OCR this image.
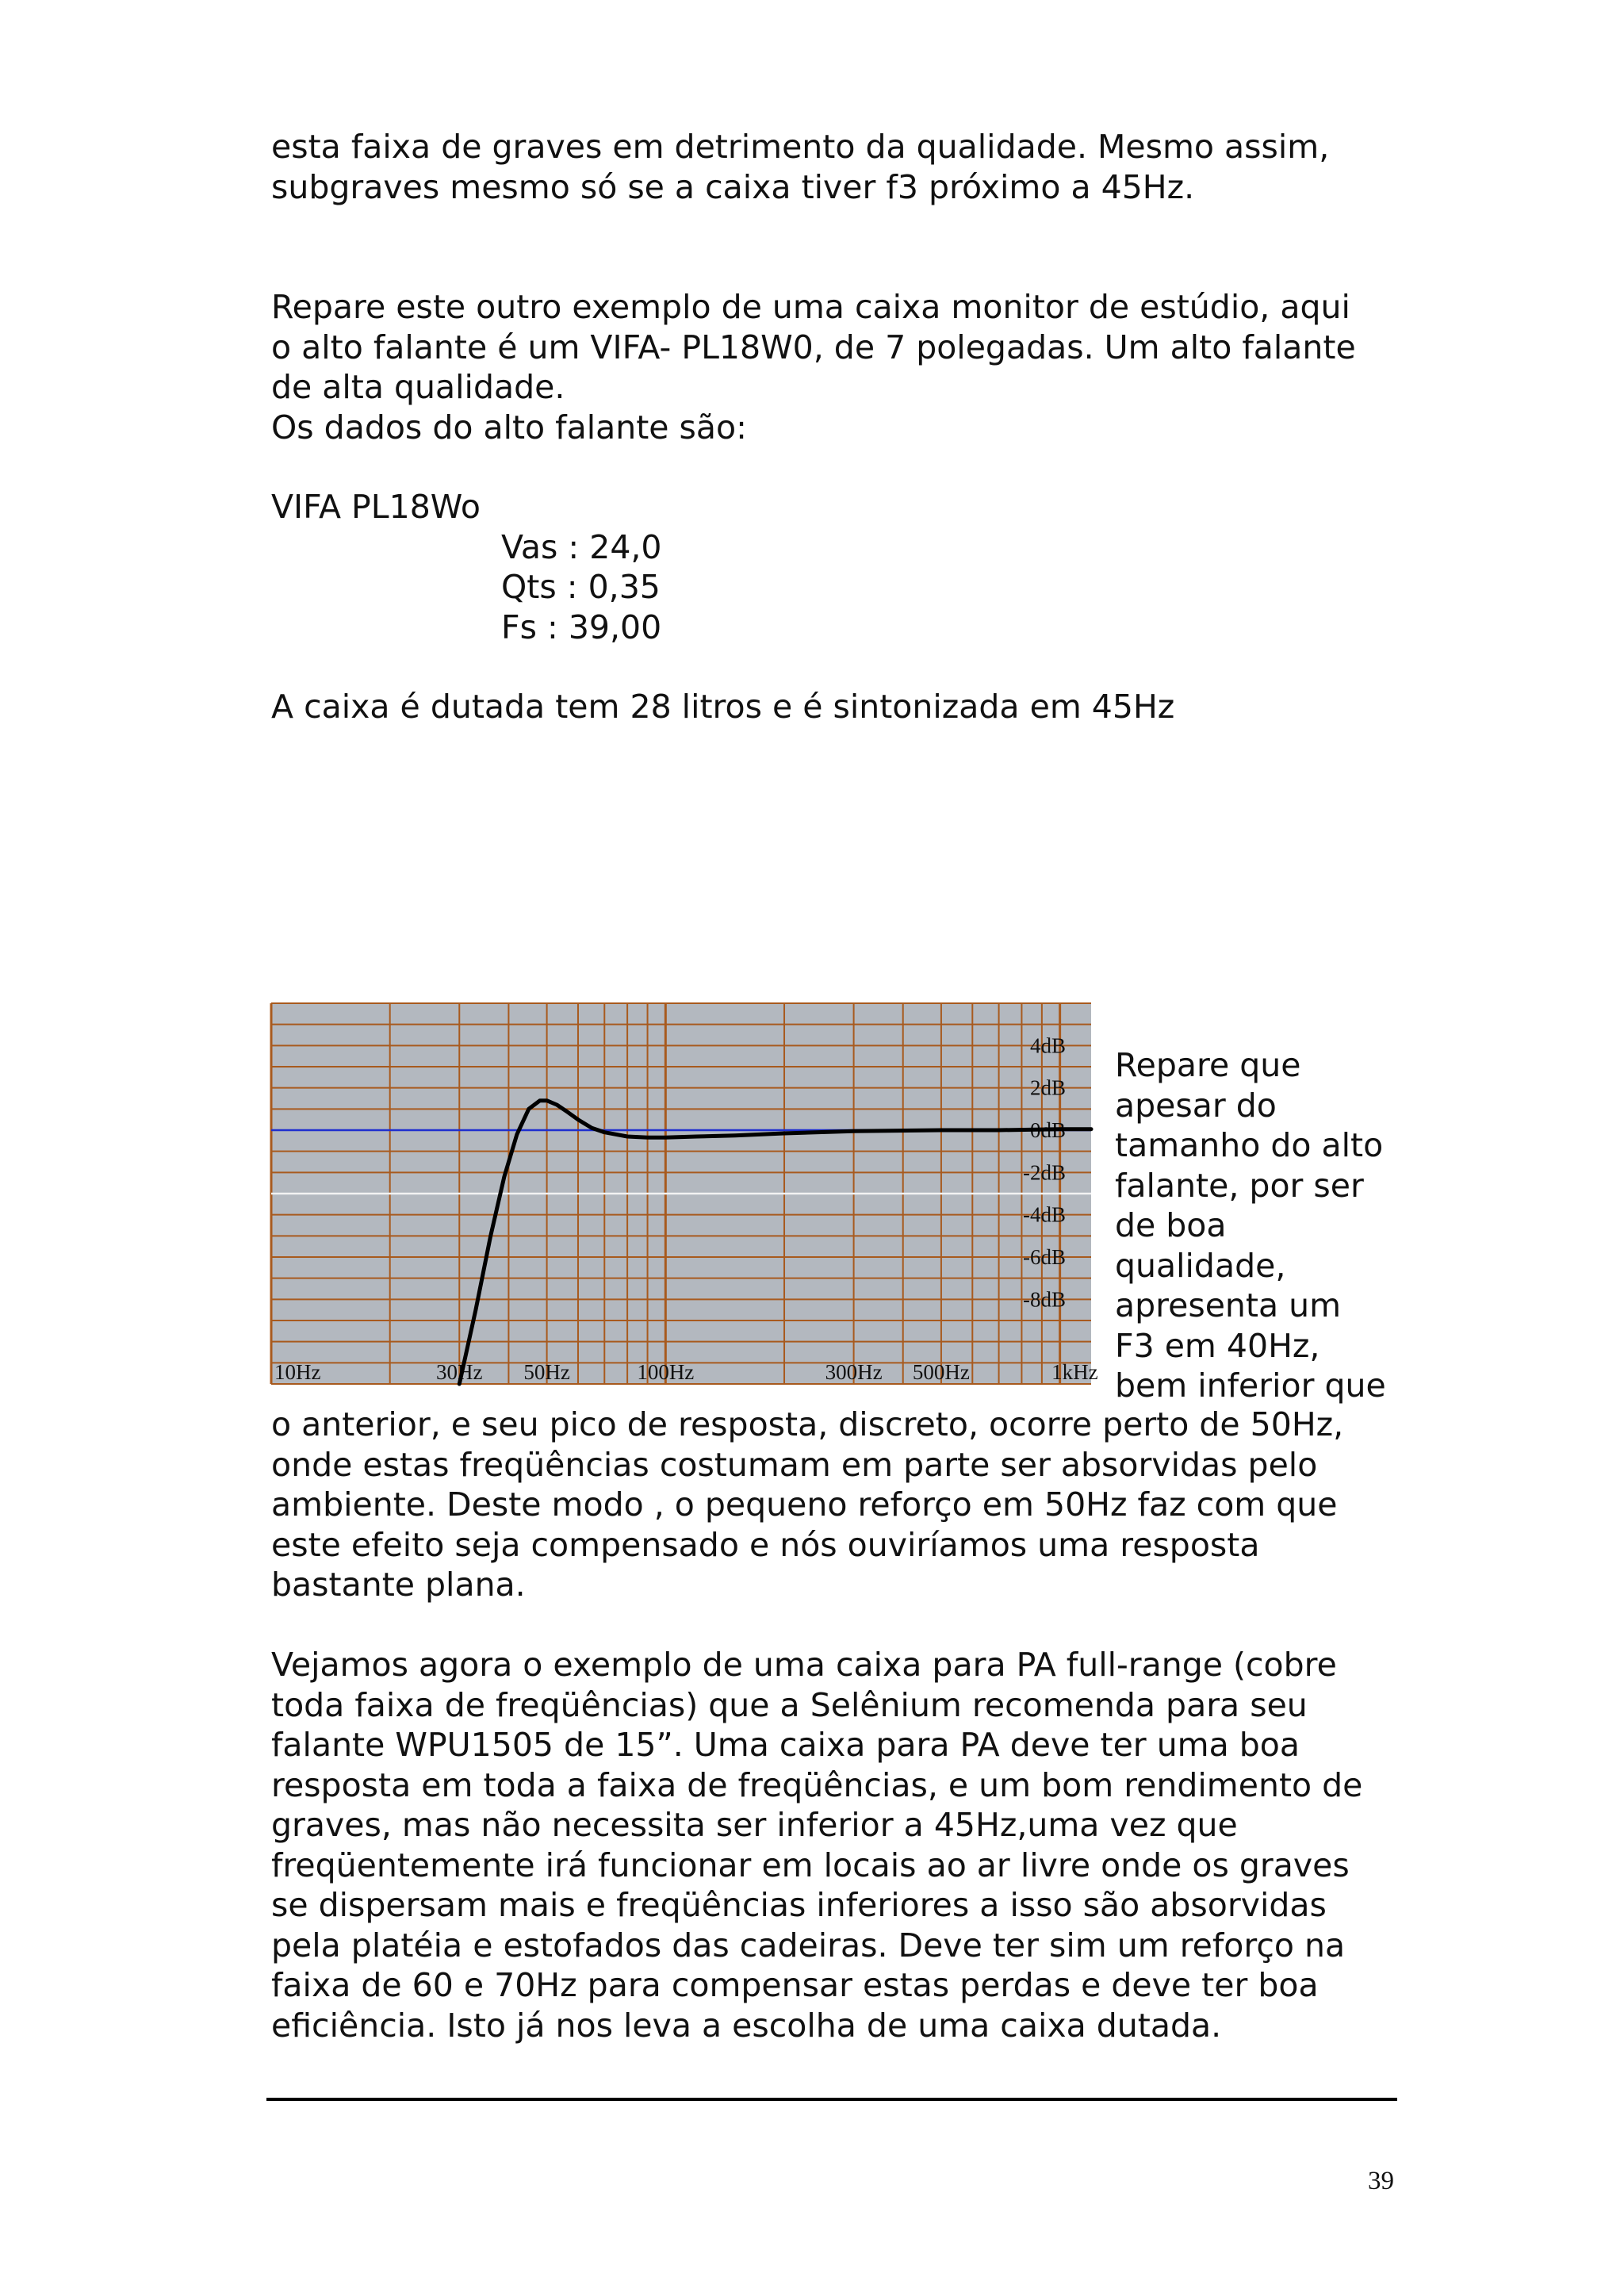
esta faixa de graves em detrimento da qualidade. Mesmo assim,
subgraves mesmo só se a caixa tiver f3 próximo a 45Hz.
Repare este outro exemplo de uma caixa monitor de estúdio, aqui
o alto falante é um VIFA- PL18W0, de 7 polegadas. Um alto falante
de alta qualidade.
Os dados do alto falante são:
VIFA PL18Wo
Vas : 24,0
Qts : 0,35
Fs : 39,00
A caixa é dutada tem 28 litros e é sintonizada em 45Hz
4dB
2dB
0dB
-2dB
-4dB
-6dB
-8dB
10Hz	30Hz 50Hz	100Hz	300Hz 500Hz	1kHz
Repare que
apesar do
tamanho do alto
falante, por ser
de boa
qualidade,
apresenta um
F3 em 40Hz,
bem inferior que
o anterior, e seu pico de resposta, discreto, ocorre perto de 50Hz,
onde estas freqüências costumam em parte ser absorvidas pelo
ambiente. Deste modo , o pequeno reforço em 50Hz faz com que
este efeito seja compensado e nós ouviríamos uma resposta
bastante plana.
Vejamos agora o exemplo de uma caixa para PA full-range (cobre
toda faixa de freqüências) que a Selênium recomenda para seu
falante WPU1505 de 15”. Uma caixa para PA deve ter uma boa
resposta em toda a faixa de freqüências, e um bom rendimento de
graves, mas não necessita ser inferior a 45Hz,uma vez que
freqüentemente irá funcionar em locais ao ar livre onde os graves
se dispersam mais e freqüências inferiores a isso são absorvidas
pela platéia e estofados das cadeiras. Deve ter sim um reforço na
faixa de 60 e 70Hz para compensar estas perdas e deve ter boa
eficiência. Isto já nos leva a escolha de uma caixa dutada.
39
